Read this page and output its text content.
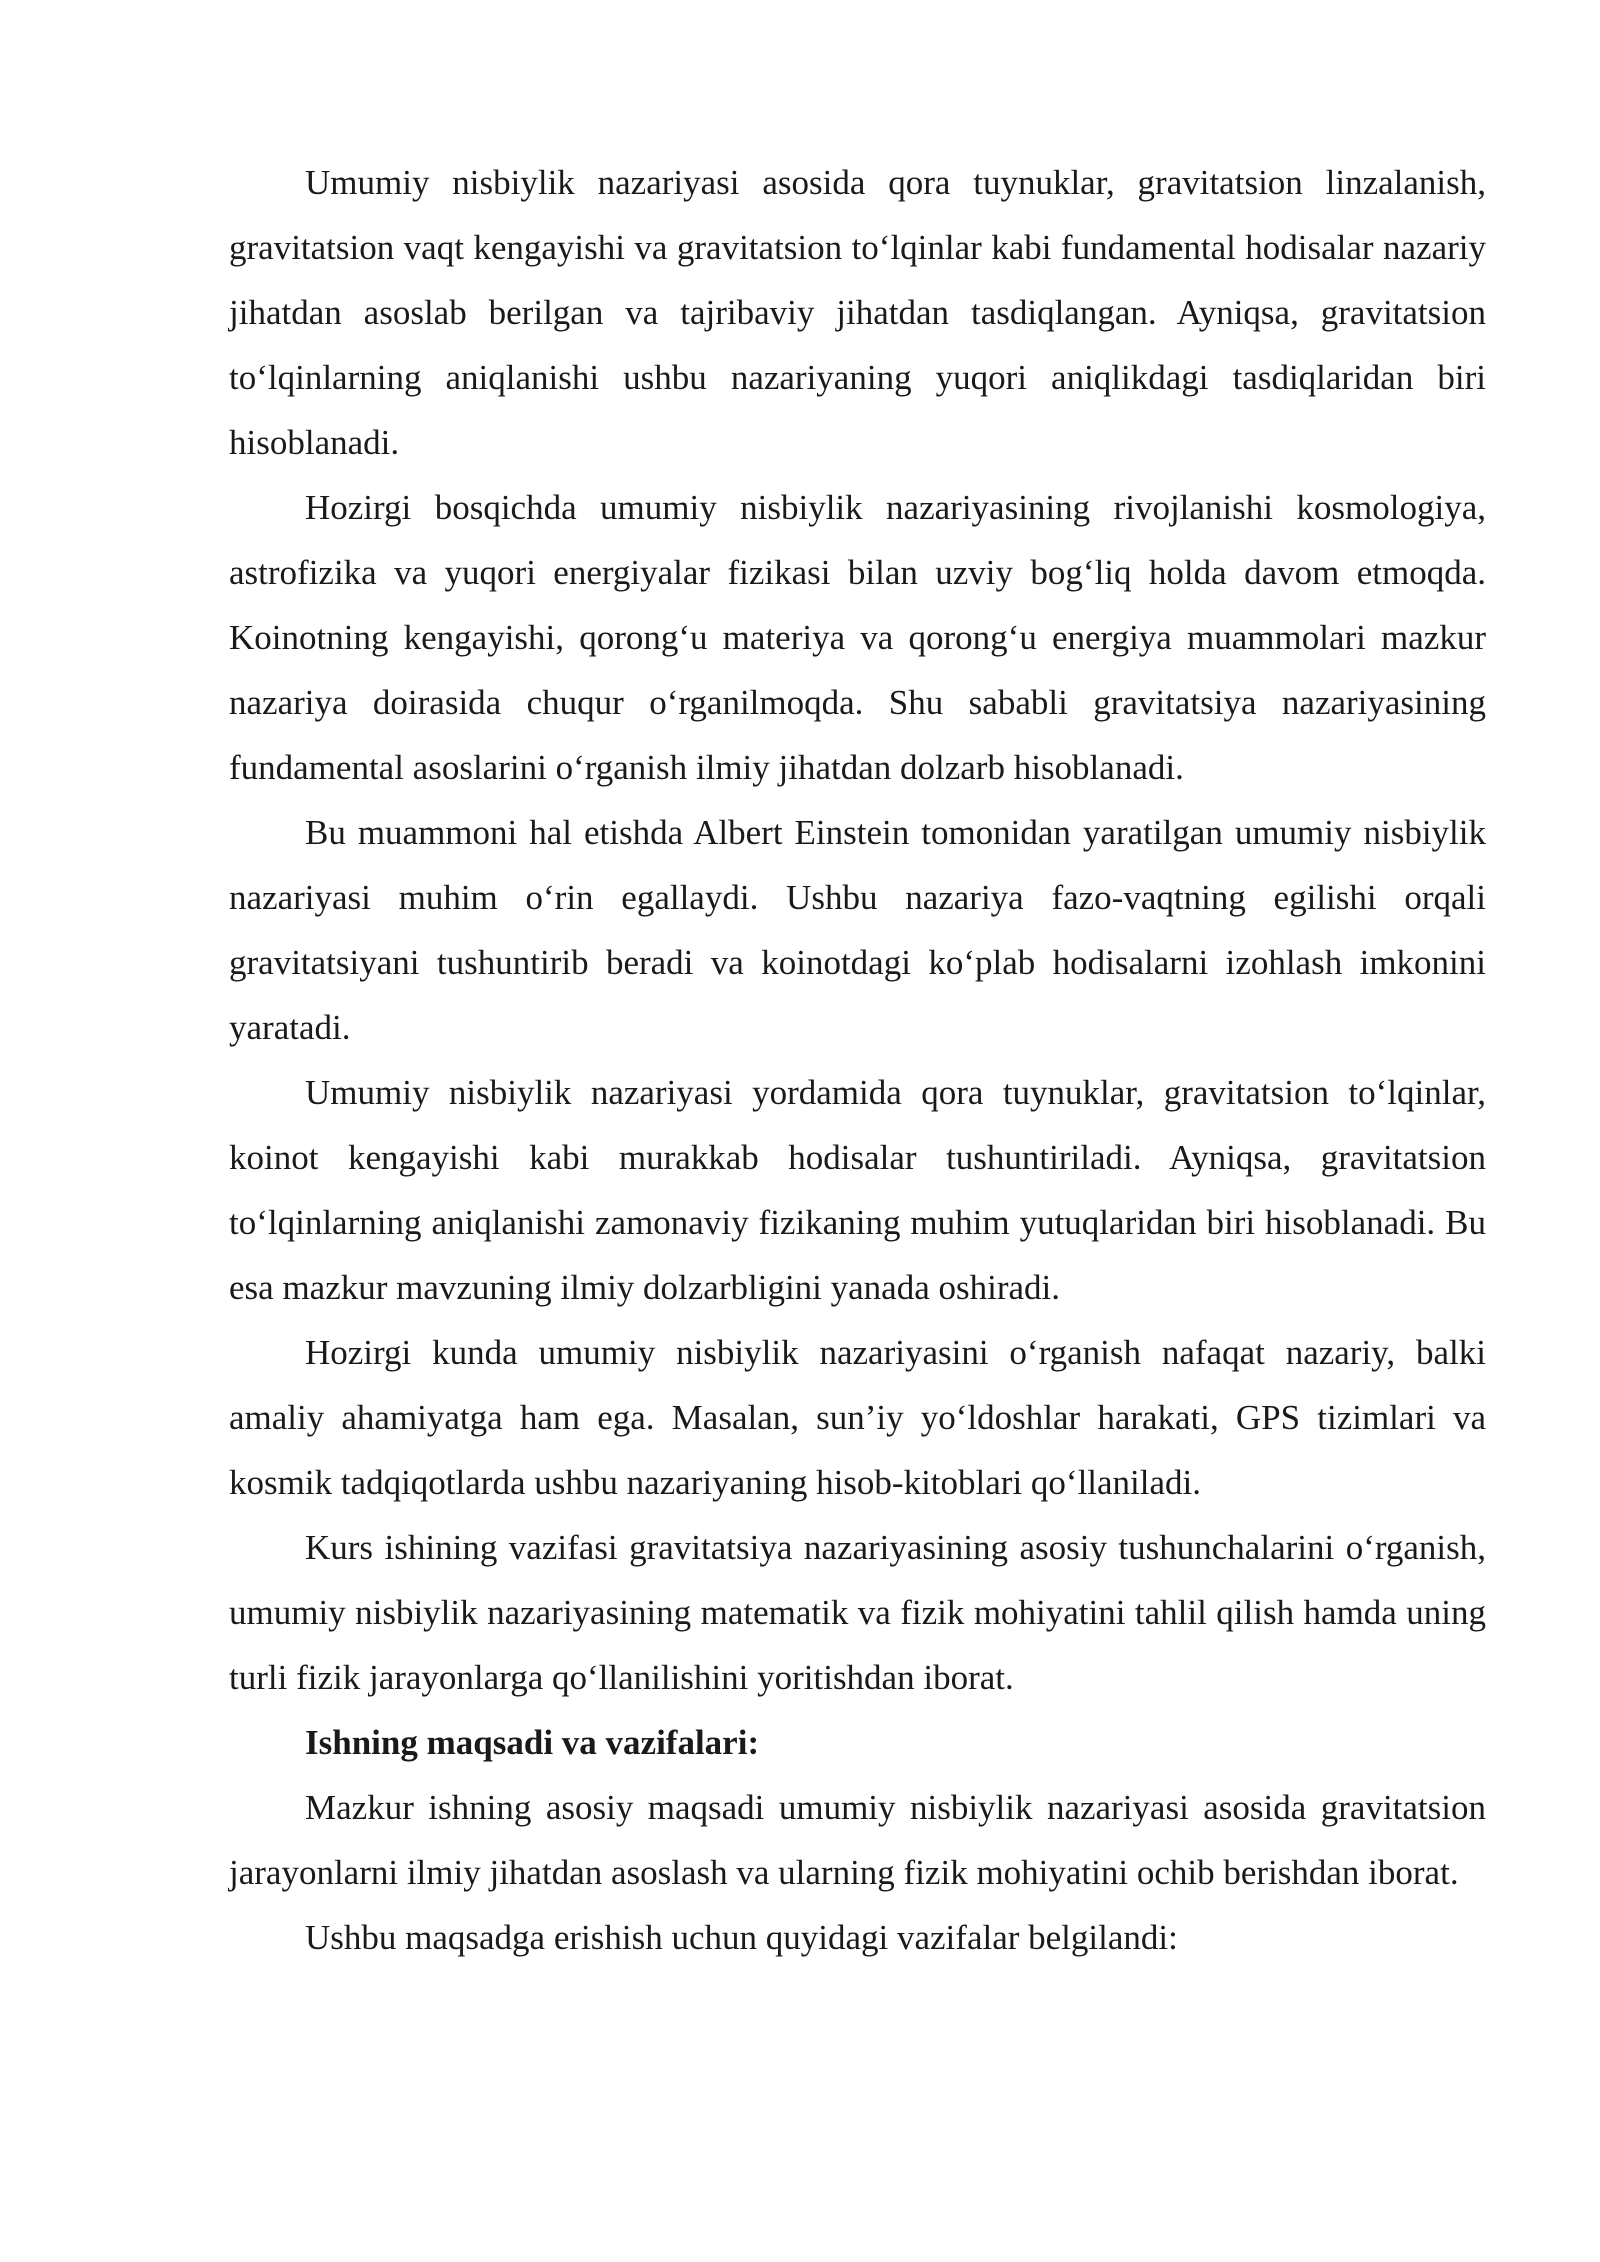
Umumiy nisbiylik nazariyasi asosida qora tuynuklar, gravitatsion linzalanish, gravitatsion vaqt kengayishi va gravitatsion to‘lqinlar kabi fundamental hodisalar nazariy jihatdan asoslab berilgan va tajribaviy jihatdan tasdiqlangan. Ayniqsa, gravitatsion to‘lqinlarning aniqlanishi ushbu nazariyaning yuqori aniqlikdagi tasdiqlaridan biri hisoblanadi.

Hozirgi bosqichda umumiy nisbiylik nazariyasining rivojlanishi kosmologiya, astrofizika va yuqori energiyalar fizikasi bilan uzviy bog‘liq holda davom etmoqda. Koinotning kengayishi, qorong‘u materiya va qorong‘u energiya muammolari mazkur nazariya doirasida chuqur o‘rganilmoqda. Shu sababli gravitatsiya nazariyasining fundamental asoslarini o‘rganish ilmiy jihatdan dolzarb hisoblanadi.

Bu muammoni hal etishda Albert Einstein tomonidan yaratilgan umumiy nisbiylik nazariyasi muhim o‘rin egallaydi. Ushbu nazariya fazo-vaqtning egilishi orqali gravitatsiyani tushuntirib beradi va koinotdagi ko‘plab hodisalarni izohlash imkonini yaratadi.

Umumiy nisbiylik nazariyasi yordamida qora tuynuklar, gravitatsion to‘lqinlar, koinot kengayishi kabi murakkab hodisalar tushuntiriladi. Ayniqsa, gravitatsion to‘lqinlarning aniqlanishi zamonaviy fizikaning muhim yutuqlaridan biri hisoblanadi. Bu esa mazkur mavzuning ilmiy dolzarbligini yanada oshiradi.

Hozirgi kunda umumiy nisbiylik nazariyasini o‘rganish nafaqat nazariy, balki amaliy ahamiyatga ham ega. Masalan, sun’iy yo‘ldoshlar harakati, GPS tizimlari va kosmik tadqiqotlarda ushbu nazariyaning hisob-kitoblari qo‘llaniladi.

Kurs ishining vazifasi gravitatsiya nazariyasining asosiy tushunchalarini o‘rganish, umumiy nisbiylik nazariyasining matematik va fizik mohiyatini tahlil qilish hamda uning turli fizik jarayonlarga qo‘llanilishini yoritishdan iborat.

Ishning maqsadi va vazifalari:

Mazkur ishning asosiy maqsadi umumiy nisbiylik nazariyasi asosida gravitatsion jarayonlarni ilmiy jihatdan asoslash va ularning fizik mohiyatini ochib berishdan iborat.

Ushbu maqsadga erishish uchun quyidagi vazifalar belgilandi:
